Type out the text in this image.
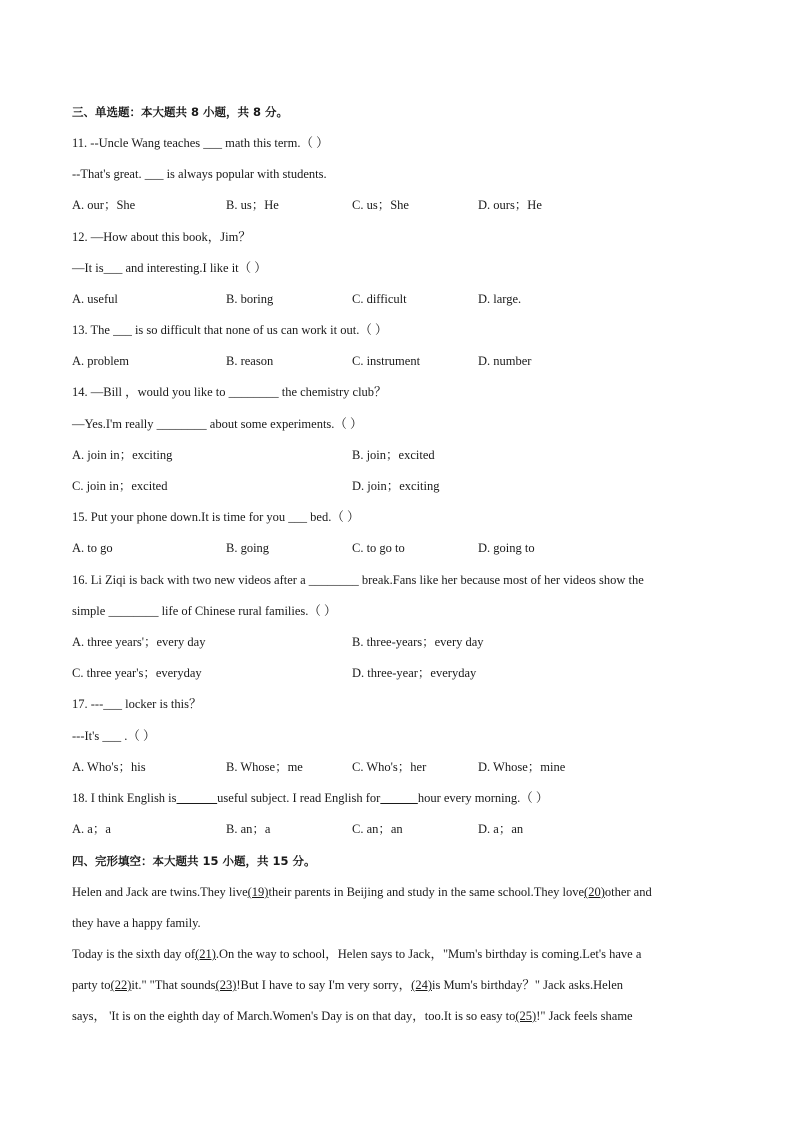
三、单选题：本大题共 8 小题，共 8 分。
11. --Uncle Wang teaches ___ math this term.（ ）
--That's great. ___ is always popular with students.
A. our；She	B. us；He	C. us；She	D. ours；He
12. —How about this book，Jim？
—It is___ and interesting.I like it（ ）
A. useful	B. boring	C. difficult	D. large.
13. The ___ is so difficult that none of us can work it out.（ ）
A. problem	B. reason	C. instrument	D. number
14. —Bill ，would you like to ________ the chemistry club？
—Yes.I'm really ________ about some experiments.（ ）
A. join in；exciting	B. join；excited
C. join in；excited	D. join；exciting
15. Put your phone down.It is time for you ___ bed.（ ）
A. to go	B. going	C. to go to	D. going to
16. Li Ziqi is back with two new videos after a ________ break.Fans like her because most of her videos show the
simple ________ life of Chinese rural families.（ ）
A. three years'；every day	B. three-years；every day
C. three year's；everyday	D. three-year；everyday
17. ---___ locker is this？
---It's ___ .（ ）
A. Who's；his	B. Whose；me	C. Who's；her	D. Whose；mine
18. I think English is	useful subject. I read English for	hour every morning.（ ）
A. a；a	B. an；a	C. an；an	D. a；an
四、完形填空：本大题共 15 小题，共 15 分。
Helen and Jack are twins.They live(19)their parents in Beijing and study in the same school.They love(20)other and
they have a happy family.
Today is the sixth day of(21).On the way to school，Helen says to Jack，"Mum's birthday is coming.Let's have a
party to(22)it." "That sounds(23)!But I have to say I'm very sorry，(24)is Mum's birthday？" Jack asks.Helen
says， 'It is on the eighth day of March.Women's Day is on that day，too.It is so easy to(25)!" Jack feels shame
